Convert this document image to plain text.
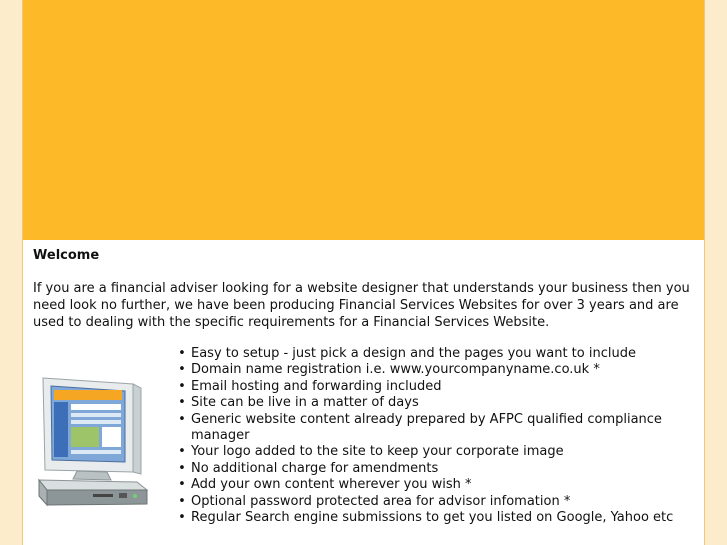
Welcome

If you are a financial adviser looking for a website designer that understands your business then you need look no further, we have been producing Financial Services Websites for over 3 years and are used to dealing with the specific requirements for a Financial Services Website.

• Easy to setup - just pick a design and the pages you want to include
• Domain name registration i.e. www.yourcompanyname.co.uk *
• Email hosting and forwarding included
• Site can be live in a matter of days
• Generic website content already prepared by AFPC qualified compliance manager
• Your logo added to the site to keep your corporate image
• No additional charge for amendments
• Add your own content wherever you wish *
• Optional password protected area for advisor infomation *
• Regular Search engine submissions to get you listed on Google, Yahoo etc
